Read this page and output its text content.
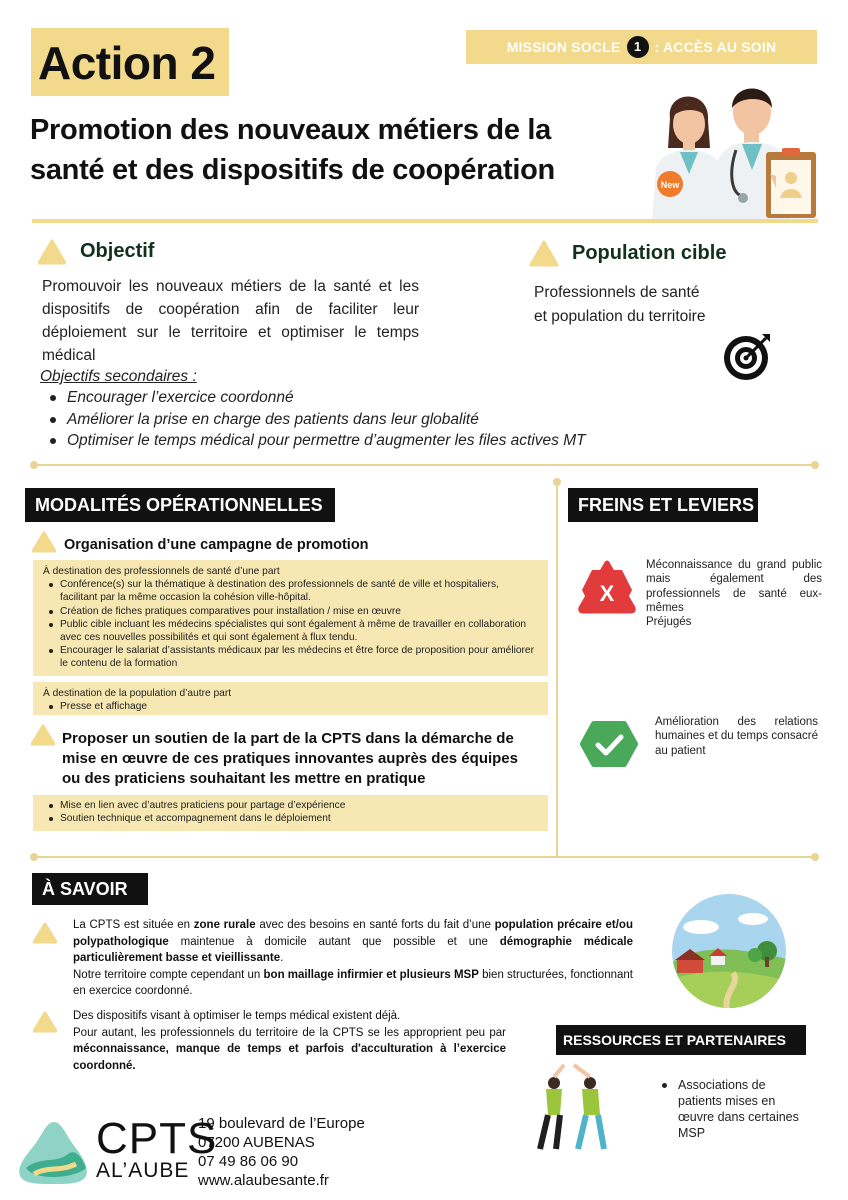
Action 2	MISSION SOCLE	1 : ACCÈS AU SOIN
Promotion des nouveaux métiers de la
santé et des dispositifs de coopération	New
Objectif
Promouvoir les nouveaux métiers de la santé et les dispositifs de coopération afin de faciliter leur déploiement sur le territoire et optimiser le temps médical
Population cible
Professionnels de santé
et population du territoire
Objectifs secondaires :
Encourager l’exercice coordonné
Améliorer la prise en charge des patients dans leur globalité
Optimiser le temps médical pour permettre d’augmenter les files actives MT
MODALITÉS OPÉRATIONNELLES
Organisation d’une campagne de promotion
À destination des professionnels de santé d’une part
Conférence(s) sur la thématique à destination des professionnels de santé de ville et hospitaliers, facilitant par la même occasion la cohésion ville-hôpital.
Création de fiches pratiques comparatives pour installation / mise en œuvre
Public cible incluant les médecins spécialistes qui sont également à même de travailler en collaboration avec ces nouvelles possibilités et qui sont également à flux tendu.
Encourager le salariat d’assistants médicaux par les médecins et être force de proposition pour améliorer le contenu de la formation
À destination de la population d’autre part
Presse et affichage
Proposer un soutien de la part de la CPTS dans la démarche de mise en œuvre de ces pratiques innovantes auprès des équipes ou des praticiens souhaitant les mettre en pratique
Mise en lien avec d’autres praticiens pour partage d’expérience
Soutien technique et accompagnement dans le déploiement
FREINS ET LEVIERS
X
Méconnaissance du grand public mais également des professionnels de santé eux-mêmes
Préjugés
Amélioration des relations humaines et du temps consacré au patient
À SAVOIR
La CPTS est située en zone rurale avec des besoins en santé forts du fait d’une population précaire et/ou polypathologique maintenue à domicile autant que possible et une démographie médicale particulièrement basse et vieillissante.
Notre territoire compte cependant un bon maillage infirmier et plusieurs MSP bien structurées, fonctionnant en exercice coordonné.
Des dispositifs visant à optimiser le temps médical existent déjà.
Pour autant, les professionnels du territoire de la CPTS se les approprient peu par méconnaissance, manque de temps et parfois d'acculturation à l’exercice coordonné.
RESSOURCES ET PARTENAIRES
Associations de patients mises en œuvre dans certaines MSP
CPTS
AL’AUBE
19 boulevard de l’Europe
07200 AUBENAS
07 49 86 06 90
www.alaubesante.fr
